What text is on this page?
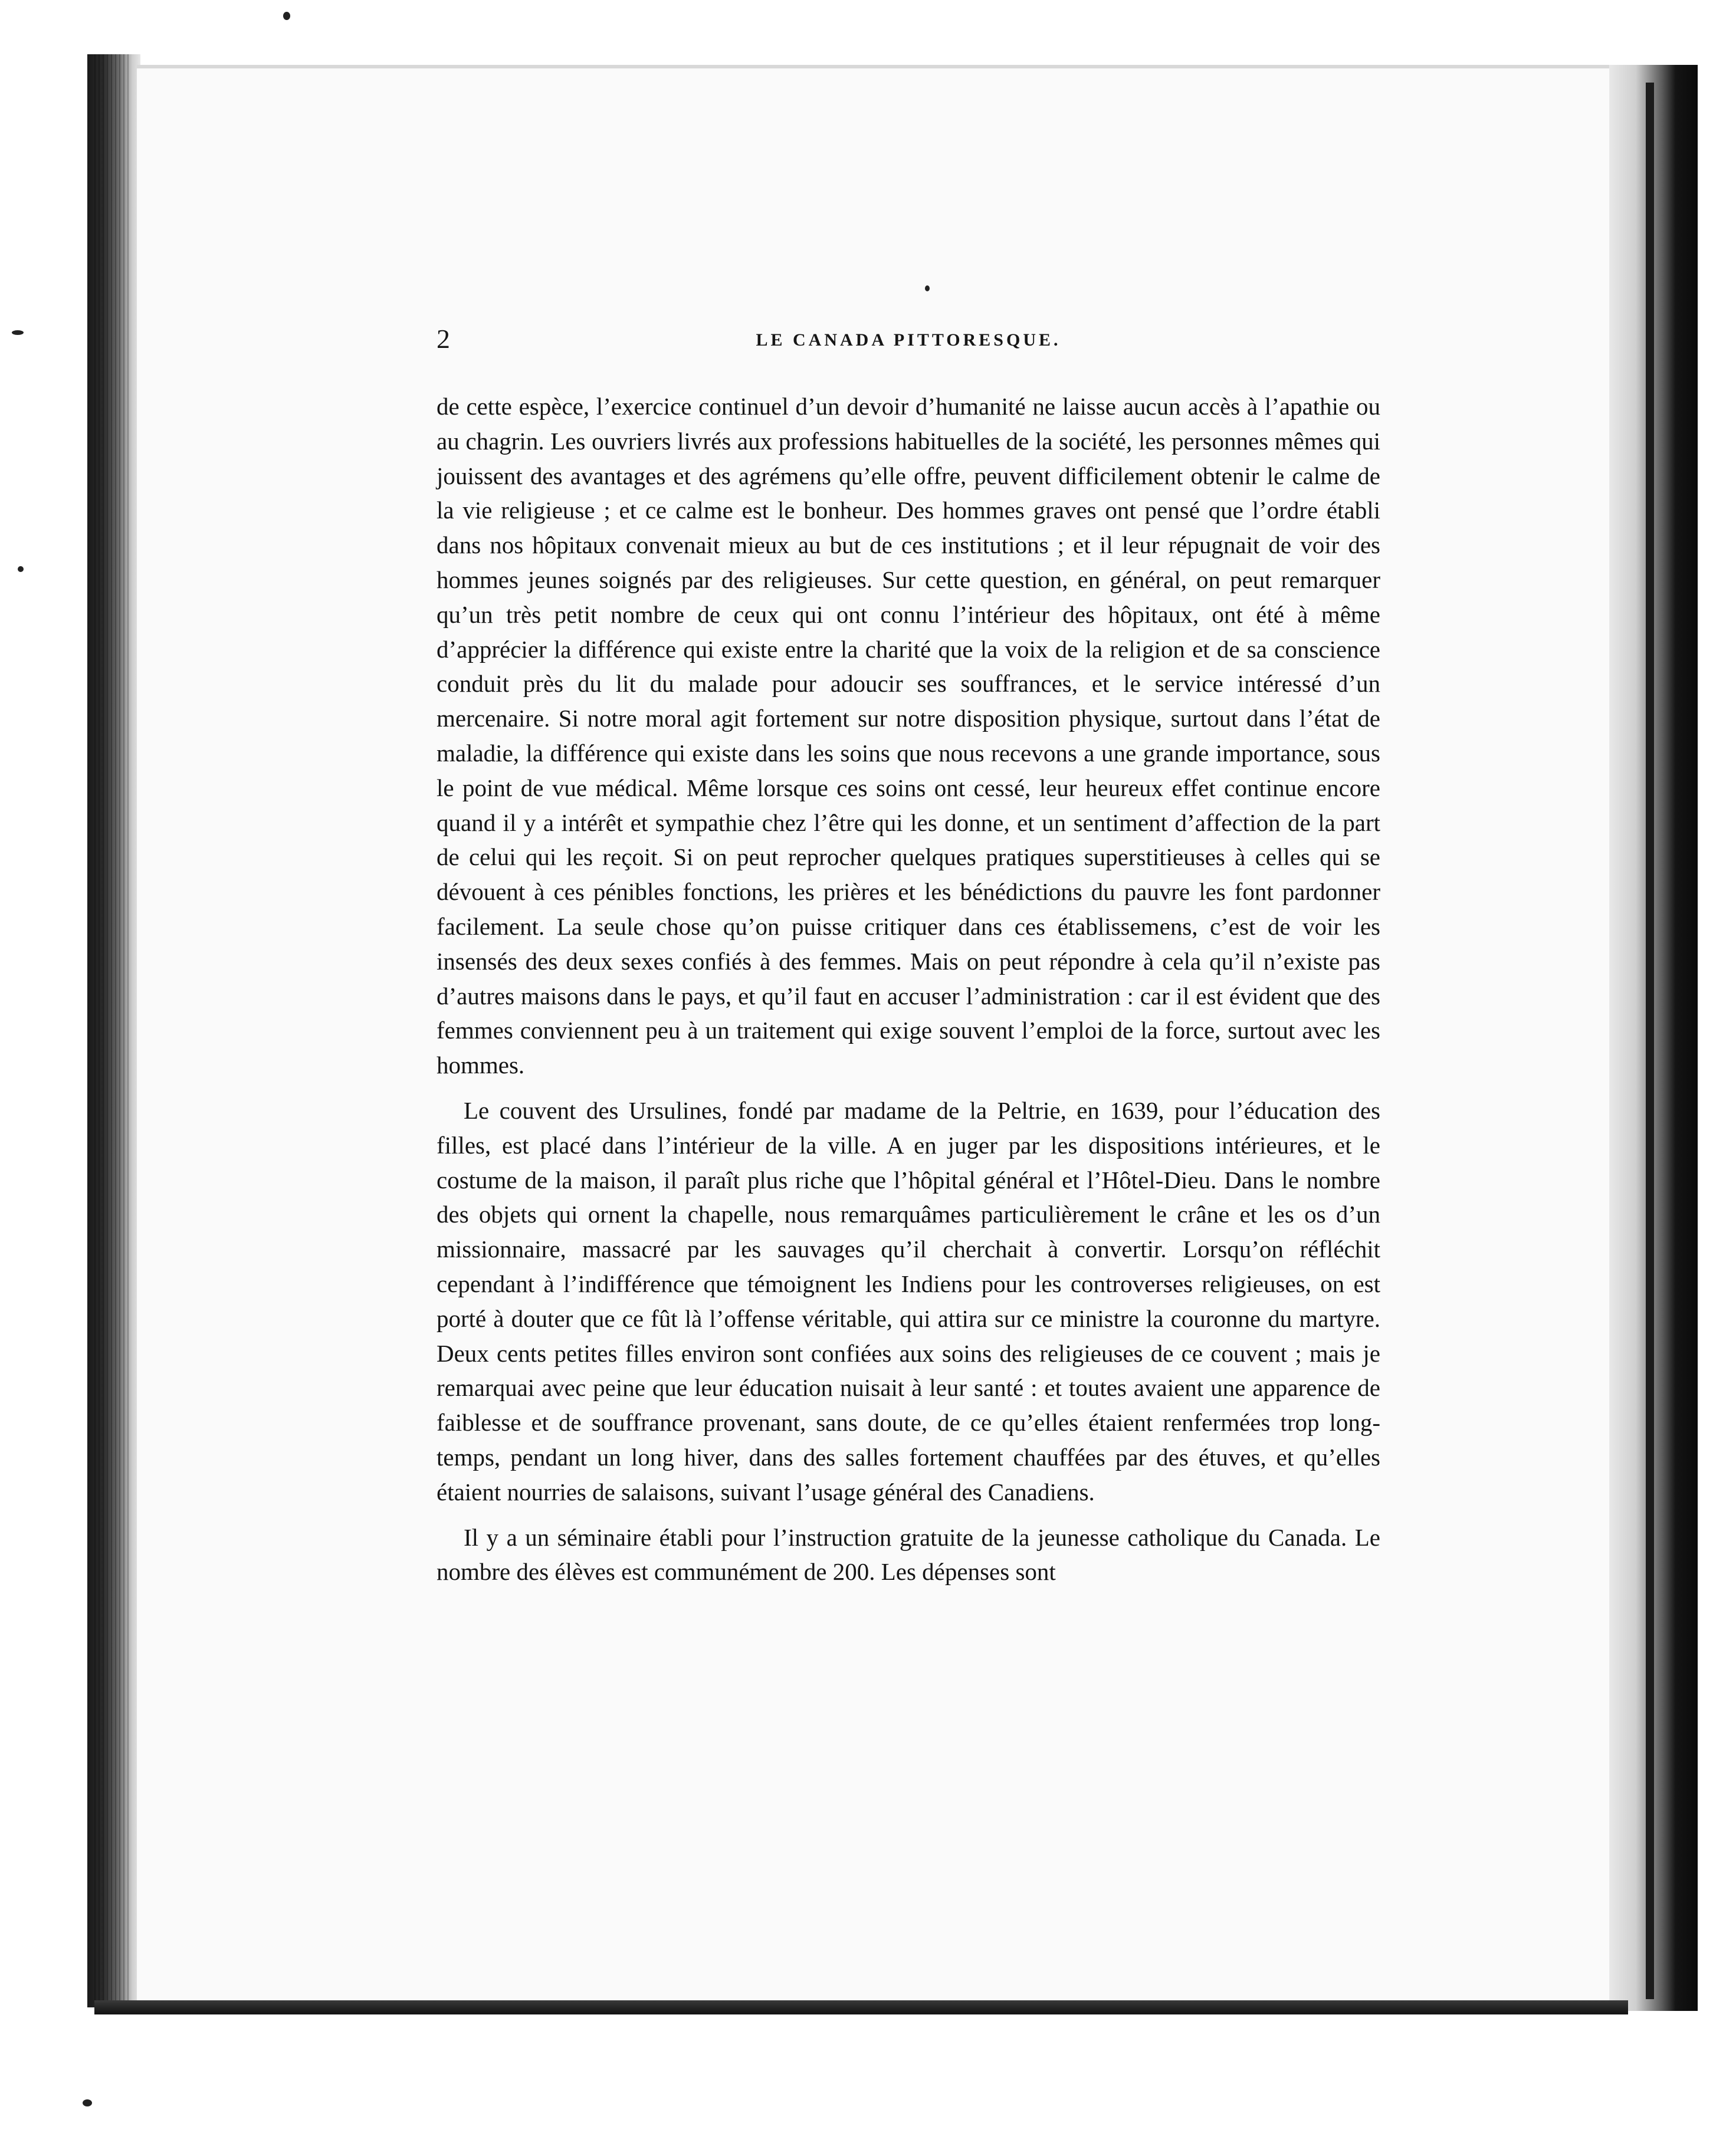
2	LE CANADA PITTORESQUE.

de cette espèce, l’exercice continuel d’un devoir d’humanité ne laisse aucun accès à l’apathie ou au chagrin. Les ouvriers livrés aux professions habituelles de la société, les personnes mêmes qui jouissent des avantages et des agrémens qu’elle offre, peuvent difficilement obtenir le calme de la vie religieuse ; et ce calme est le bonheur. Des hommes graves ont pensé que l’ordre établi dans nos hôpitaux convenait mieux au but de ces institutions ; et il leur répugnait de voir des hommes jeunes soignés par des religieuses. Sur cette question, en général, on peut remarquer qu’un très petit nombre de ceux qui ont connu l’intérieur des hôpitaux, ont été à même d’apprécier la différence qui existe entre la charité que la voix de la religion et de sa conscience conduit près du lit du malade pour adoucir ses souffrances, et le service intéressé d’un mercenaire. Si notre moral agit fortement sur notre disposition physique, surtout dans l’état de maladie, la différence qui existe dans les soins que nous recevons a une grande importance, sous le point de vue médical. Même lorsque ces soins ont cessé, leur heureux effet continue encore quand il y a intérêt et sympathie chez l’être qui les donne, et un sentiment d’affection de la part de celui qui les reçoit. Si on peut reprocher quelques pratiques superstitieuses à celles qui se dévouent à ces pénibles fonctions, les prières et les bénédictions du pauvre les font pardonner facilement. La seule chose qu’on puisse critiquer dans ces établissemens, c’est de voir les insensés des deux sexes confiés à des femmes. Mais on peut répondre à cela qu’il n’existe pas d’autres maisons dans le pays, et qu’il faut en accuser l’administration : car il est évident que des femmes conviennent peu à un traitement qui exige souvent l’emploi de la force, surtout avec les hommes.

Le couvent des Ursulines, fondé par madame de la Peltrie, en 1639, pour l’éducation des filles, est placé dans l’intérieur de la ville. A en juger par les dispositions intérieures, et le costume de la maison, il paraît plus riche que l’hôpital général et l’Hôtel-Dieu. Dans le nombre des objets qui ornent la chapelle, nous remarquâmes particulièrement le crâne et les os d’un missionnaire, massacré par les sauvages qu’il cherchait à convertir. Lorsqu’on réfléchit cependant à l’indifférence que témoignent les Indiens pour les controverses religieuses, on est porté à douter que ce fût là l’offense véritable, qui attira sur ce ministre la couronne du martyre. Deux cents petites filles environ sont confiées aux soins des religieuses de ce couvent ; mais je remarquai avec peine que leur éducation nuisait à leur santé : et toutes avaient une apparence de faiblesse et de souffrance provenant, sans doute, de ce qu’elles étaient renfermées trop long-temps, pendant un long hiver, dans des salles fortement chauffées par des étuves, et qu’elles étaient nourries de salaisons, suivant l’usage général des Canadiens.

Il y a un séminaire établi pour l’instruction gratuite de la jeunesse catholique du Canada. Le nombre des élèves est communément de 200. Les dépenses sont
